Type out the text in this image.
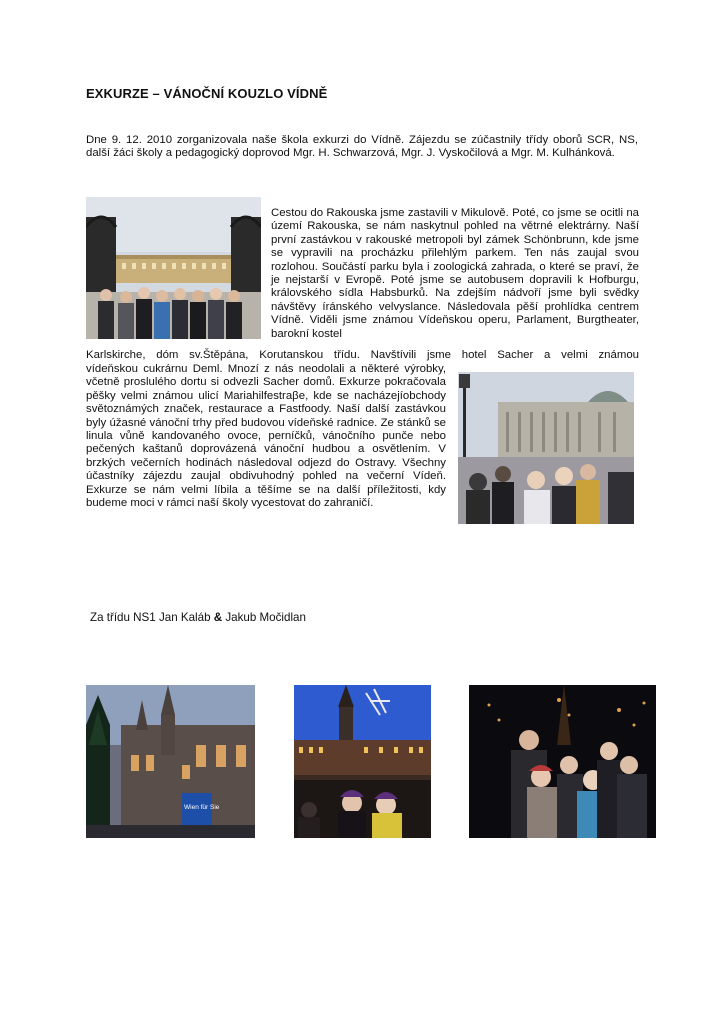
EXKURZE – VÁNOČNÍ KOUZLO VÍDNĚ
Dne 9. 12. 2010 zorganizovala naše škola exkurzi do Vídně. Zájezdu se zúčastnily třídy oborů SCR, NS, další žáci školy a pedagogický doprovod Mgr. H. Schwarzová, Mgr. J. Vyskočilová a Mgr. M. Kulhánková.
Cestou do Rakouska jsme zastavili v Mikulově. Poté, co jsme se ocitli na území Rakouska, se nám naskytnul pohled na větrné elektrárny. Naší první zastávkou v rakouské metropoli byl zámek Schönbrunn, kde jsme se vypravili na procházku přilehlým parkem. Ten nás zaujal svou rozlohou. Součástí parku byla i zoologická zahrada, o které se praví, že je nejstarší v Evropě. Poté jsme se autobusem dopravili k Hofburgu, královského sídla Habsburků. Na zdejším nádvoří jsme byli svědky návštěvy íránského velvyslance. Následovala pěší prohlídka centrem Vídně. Viděli jsme známou Vídeňskou operu, Parlament, Burgtheater, barokní kostel
Karlskirche, dóm sv.Štěpána, Korutanskou třídu. Navštívili jsme hotel Sacher a velmi známou
vídeňskou cukrárnu Deml. Mnozí z nás neodolali a některé výrobky, včetně proslulého dortu si odvezli Sacher domů. Exkurze pokračovala pěšky velmi známou ulicí Mariahilfestraβe, kde se nacházejíobchody světoznámých značek, restaurace a Fastfoody. Naší další zastávkou byly úžasné vánoční trhy před budovou vídeňské radnice. Ze stánků se linula vůně kandovaného ovoce, perníčků, vánočního punče nebo pečených kaštanů doprovázená vánoční hudbou a osvětlením. V brzkých večerních hodinách následoval odjezd do Ostravy. Všechny účastníky zájezdu zaujal obdivuhodný pohled na večerní Vídeň. Exkurze se nám velmi líbila a těšíme se na další příležitosti, kdy budeme moci v rámci naší školy vycestovat do zahraničí.
Za třídu NS1 Jan Kaláb & Jakub Močidlan
Wien für Sie
